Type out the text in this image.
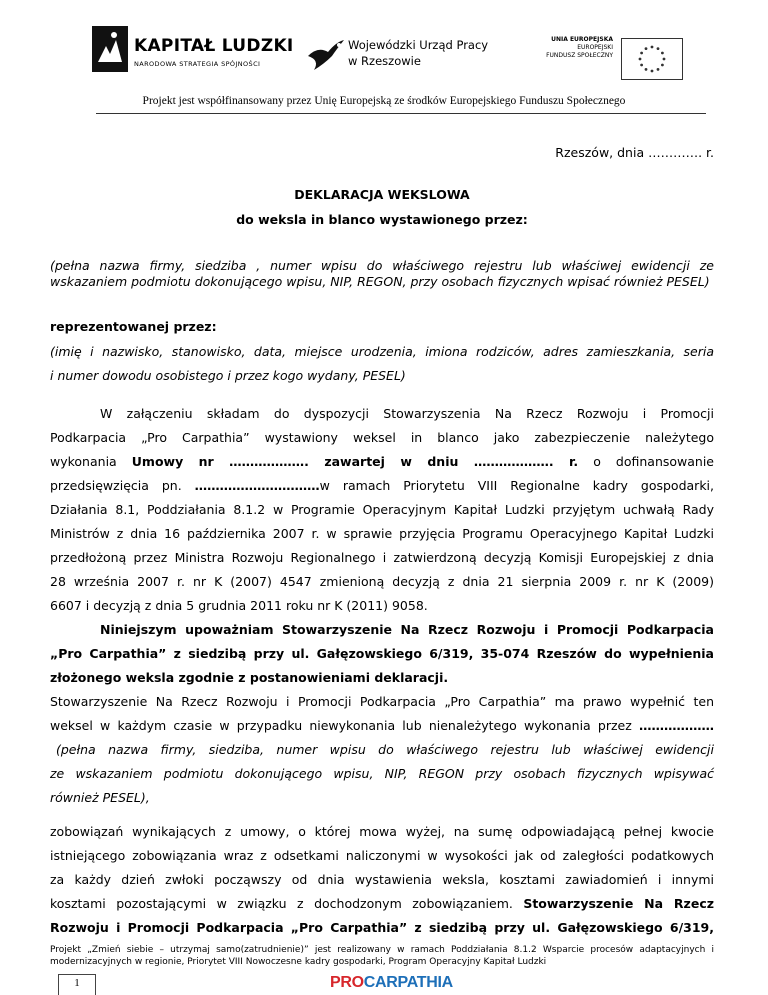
KAPITAŁ LUDZKI
NARODOWA STRATEGIA SPÓJNOŚCI
Wojewódzki Urząd Pracy
w Rzeszowie
UNIA EUROPEJSKA
EUROPEJSKI
FUNDUSZ SPOŁECZNY
Projekt jest współfinansowany przez Unię Europejską ze środków Europejskiego Funduszu Społecznego
Rzeszów, dnia …………. r.
DEKLARACJA WEKSLOWA
do weksla in blanco wystawionego przez:
(pełna nazwa firmy, siedziba , numer wpisu do właściwego rejestru lub właściwej ewidencji ze wskazaniem podmiotu dokonującego wpisu, NIP, REGON, przy osobach fizycznych wpisać również PESEL)
reprezentowanej przez:
(imię i nazwisko, stanowisko, data, miejsce urodzenia, imiona rodziców, adres zamieszkania, seria
i numer dowodu osobistego i przez kogo wydany, PESEL)
W załączeniu składam do dyspozycji Stowarzyszenia Na Rzecz Rozwoju i Promocji
Podkarpacia „Pro Carpathia” wystawiony weksel in blanco jako zabezpieczenie należytego
wykonania Umowy nr ………………. zawartej w dniu ………………. r. o dofinansowanie
przedsięwzięcia pn. …………………………w ramach Priorytetu VIII Regionalne kadry gospodarki,
Działania 8.1, Poddziałania 8.1.2 w Programie Operacyjnym Kapitał Ludzki przyjętym uchwałą Rady
Ministrów z dnia 16 października 2007 r. w sprawie przyjęcia Programu Operacyjnego Kapitał Ludzki
przedłożoną przez Ministra Rozwoju Regionalnego i zatwierdzoną decyzją Komisji Europejskiej z dnia
28 września 2007 r. nr K (2007) 4547 zmienioną decyzją z dnia 21 sierpnia 2009 r. nr K (2009)
6607 i decyzją z dnia 5 grudnia 2011 roku nr K (2011) 9058.
Niniejszym upoważniam Stowarzyszenie Na Rzecz Rozwoju i Promocji Podkarpacia
„Pro Carpathia” z siedzibą przy ul. Gałęzowskiego 6/319, 35-074 Rzeszów do wypełnienia
złożonego weksla zgodnie z postanowieniami deklaracji.
Stowarzyszenie Na Rzecz Rozwoju i Promocji Podkarpacia „Pro Carpathia” ma prawo wypełnić ten
weksel w każdym czasie w przypadku niewykonania lub nienależytego wykonania przez ………………
(pełna nazwa firmy, siedziba, numer wpisu do właściwego rejestru lub właściwej ewidencji
ze wskazaniem podmiotu dokonującego wpisu, NIP, REGON przy osobach fizycznych wpisywać
również PESEL),
zobowiązań wynikających z umowy, o której mowa wyżej, na sumę odpowiadającą pełnej kwocie
istniejącego zobowiązania wraz z odsetkami naliczonymi w wysokości jak od zaległości podatkowych
za każdy dzień zwłoki począwszy od dnia wystawienia weksla, kosztami zawiadomień i innymi
kosztami pozostającymi w związku z dochodzonym zobowiązaniem. Stowarzyszenie Na Rzecz
Rozwoju i Promocji Podkarpacia „Pro Carpathia” z siedzibą przy ul. Gałęzowskiego 6/319,
Projekt „Zmień siebie – utrzymaj samo(zatrudnienie)” jest realizowany w ramach Poddziałania 8.1.2 Wsparcie procesów adaptacyjnych i modernizacyjnych w regionie, Priorytet VIII Nowoczesne kadry gospodarki, Program Operacyjny Kapitał Ludzki
1	PROCARPATHIA
